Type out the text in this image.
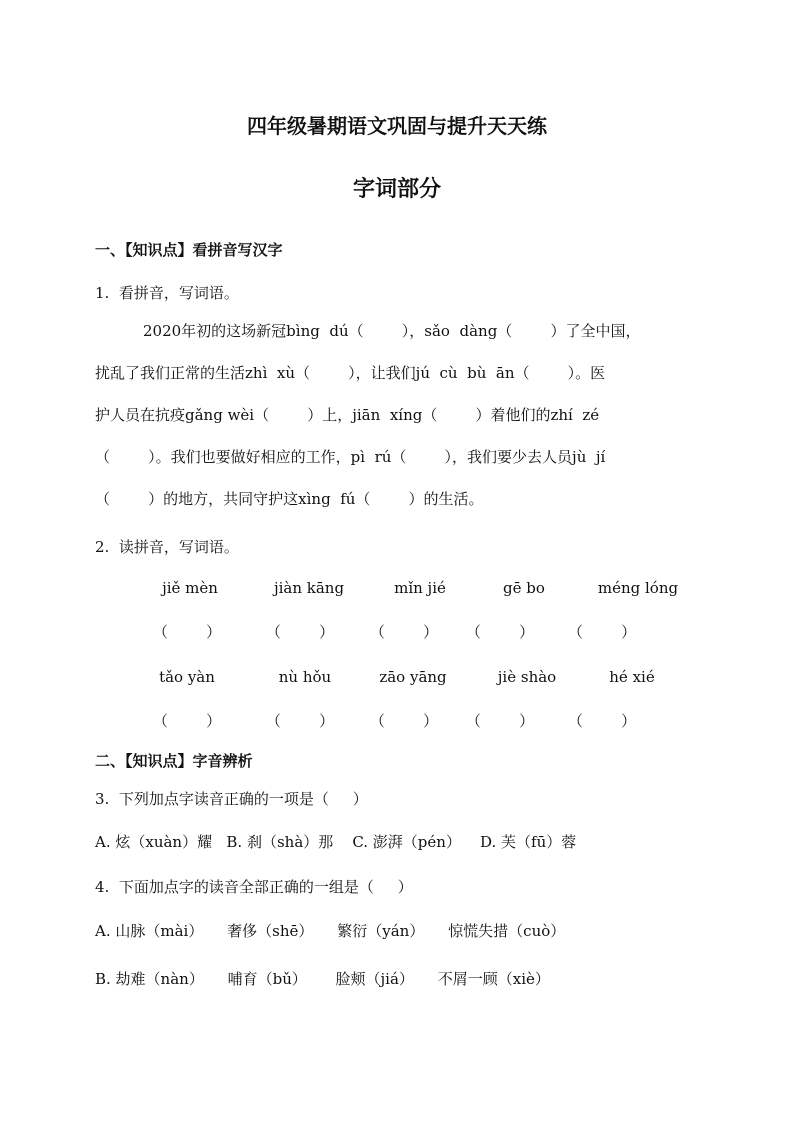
四年级暑期语文巩固与提升天天练
字词部分
一、【知识点】看拼音写汉字
1.  看拼音，写词语。
2020年初的这场新冠bìng  dú（        ），sǎo  dàng（        ）了全中国，
扰乱了我们正常的生活zhì  xù（        ），让我们jú  cù  bù  ān（        ）。医
护人员在抗疫gǎng wèi（        ）上，jiān  xíng（        ）着他们的zhí  zé
（        ）。我们也要做好相应的工作，pì  rú（        ），我们要少去人员jù  jí
（        ）的地方，共同守护这xìng  fú（        ）的生活。
2.  读拼音，写词语。
jiě mèn	jiàn kāng	mǐn jié	gē bo	méng lóng
（        ）	（        ）	（        ）	（        ）	（        ）
tǎo yàn	nù hǒu	zāo yāng	jiè shào	hé xié
（        ）	（        ）	（        ）	（        ）	（        ）
二、【知识点】字音辨析
3.  下列加点字读音正确的一项是（     ）
A. 炫（xuàn）耀   B. 刹（shà）那    C. 澎湃（pén）    D. 芙（fū）蓉
4.  下面加点字的读音全部正确的一组是（     ）
A. 山脉（mài）     奢侈（shē）     繁衍（yán）     惊慌失措（cuò）
B. 劫难（nàn）     哺育（bǔ）      脸颊（jiá）     不屑一顾（xiè）
